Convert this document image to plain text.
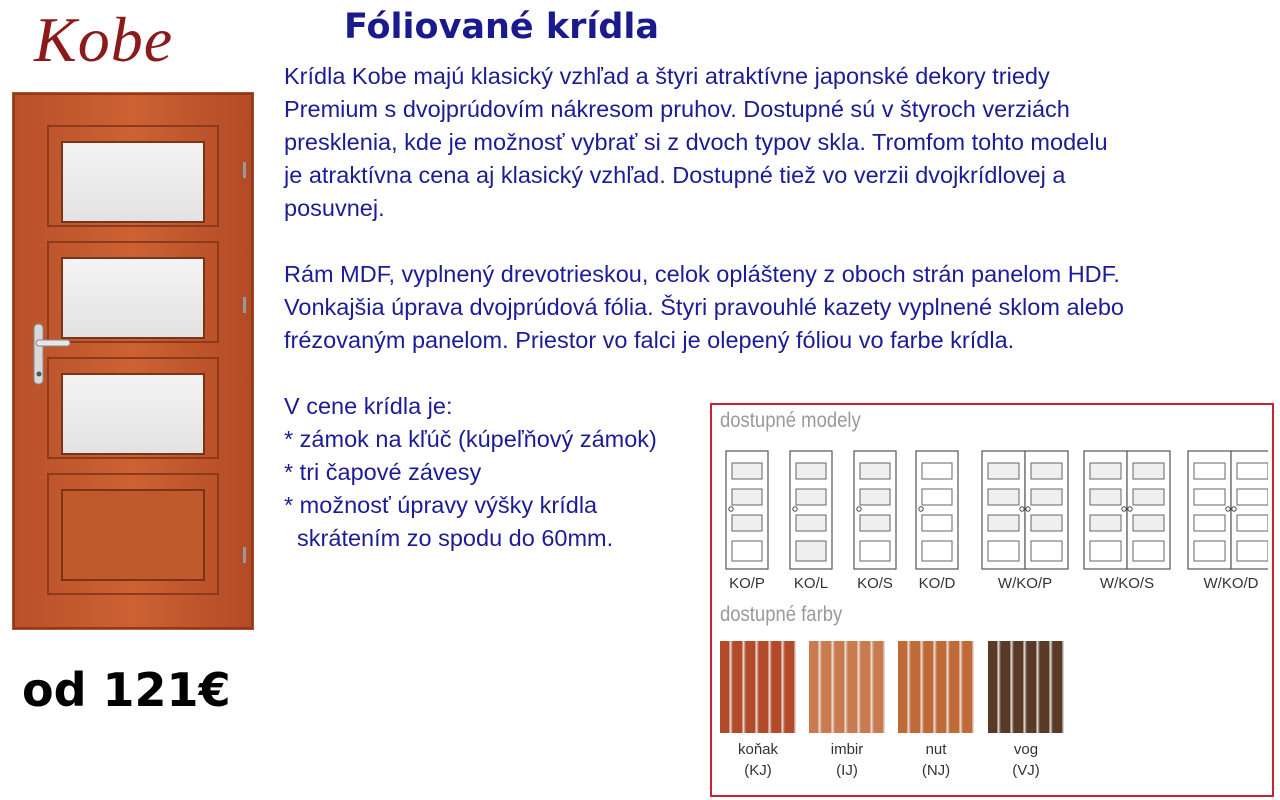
Kobe	Fóliované krídla

Krídla Kobe majú klasický vzhľad a štyri atraktívne japonské dekory triedy
Premium s dvojprúdovím nákresom pruhov. Dostupné sú v štyroch verziách
presklenia, kde je možnosť vybrať si z dvoch typov skla. Tromfom tohto modelu
je atraktívna cena aj klasický vzhľad. Dostupné tiež vo verzii dvojkrídlovej a
posuvnej.

Rám MDF, vyplnený drevotrieskou, celok oplášteny z oboch strán panelom HDF.
Vonkajšia úprava dvojprúdová fólia. Štyri pravouhlé kazety vyplnené sklom alebo
frézovaným panelom. Priestor vo falci je olepený fóliou vo farbe krídla.

V cene krídla je:
* zámok na kľúč (kúpeľňový zámok)
* tri čapové závesy
* možnosť úpravy výšky krídla
skrátením zo spodu do 60mm.

od 121€
dostupné modely
KO/P KO/L KO/S KO/D	W/KO/P	W/KO/S	W/KO/D
dostupné farby
koňak
(KJ)
imbir
(IJ)
nut
(NJ)
vog
(VJ)
